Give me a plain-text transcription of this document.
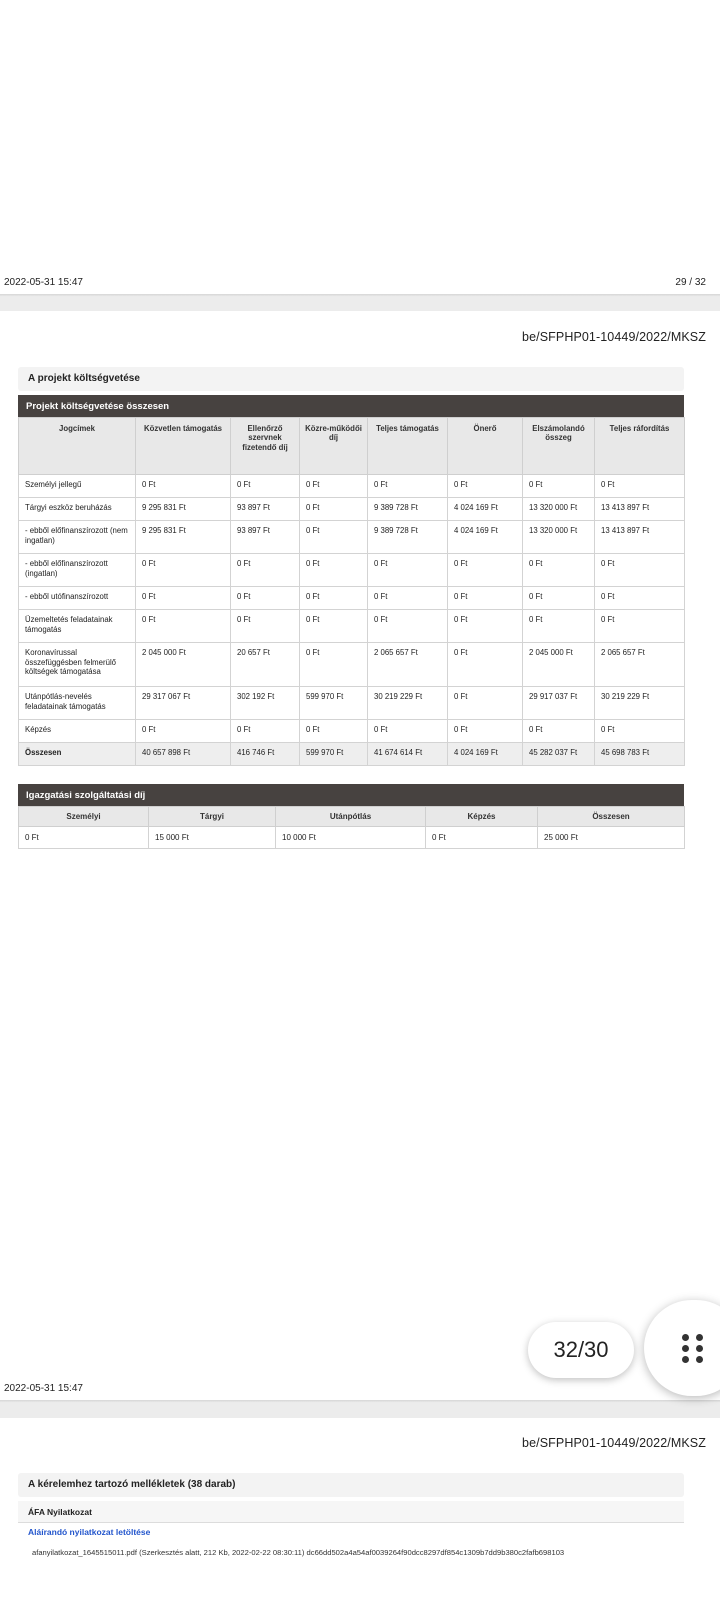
2022-05-31 15:47	29 / 32
be/SFPHP01-10449/2022/MKSZ
A projekt költségvetése
Projekt költségvetése összesen
Jogcímek	Közvetlen támogatás	Ellenőrző szervnek fizetendő díj	Közre-működői díj	Teljes támogatás	Önerő	Elszámolandó összeg	Teljes ráfordítás
Személyi jellegű	0 Ft	0 Ft	0 Ft	0 Ft	0 Ft	0 Ft	0 Ft
Tárgyi eszköz beruházás	9 295 831 Ft	93 897 Ft	0 Ft	9 389 728 Ft	4 024 169 Ft	13 320 000 Ft	13 413 897 Ft
- ebből előfinanszírozott (nem ingatlan)	9 295 831 Ft	93 897 Ft	0 Ft	9 389 728 Ft	4 024 169 Ft	13 320 000 Ft	13 413 897 Ft
- ebből előfinanszírozott (ingatlan)	0 Ft	0 Ft	0 Ft	0 Ft	0 Ft	0 Ft	0 Ft
- ebből utófinanszírozott	0 Ft	0 Ft	0 Ft	0 Ft	0 Ft	0 Ft	0 Ft
Üzemeltetés feladatainak támogatás	0 Ft	0 Ft	0 Ft	0 Ft	0 Ft	0 Ft	0 Ft
Koronavírussal összefüggésben felmerülő költségek támogatása	2 045 000 Ft	20 657 Ft	0 Ft	2 065 657 Ft	0 Ft	2 045 000 Ft	2 065 657 Ft
Utánpótlás-nevelés feladatainak támogatás	29 317 067 Ft	302 192 Ft	599 970 Ft	30 219 229 Ft	0 Ft	29 917 037 Ft	30 219 229 Ft
Képzés	0 Ft	0 Ft	0 Ft	0 Ft	0 Ft	0 Ft	0 Ft
Összesen	40 657 898 Ft	416 746 Ft	599 970 Ft	41 674 614 Ft	4 024 169 Ft	45 282 037 Ft	45 698 783 Ft
Igazgatási szolgáltatási díj
Személyi	Tárgyi	Utánpótlás	Képzés	Összesen
0 Ft	15 000 Ft	10 000 Ft	0 Ft	25 000 Ft
2022-05-31 15:47
be/SFPHP01-10449/2022/MKSZ
A kérelemhez tartozó mellékletek (38 darab)
ÁFA Nyilatkozat
Aláírandó nyilatkozat letöltése
afanyilatkozat_1645515011.pdf (Szerkesztés alatt, 212 Kb, 2022-02-22 08:30:11) dc66dd502a4a54af0039264f90dcc8297df854c1309b7dd9b380c2fafb698103
32/30
